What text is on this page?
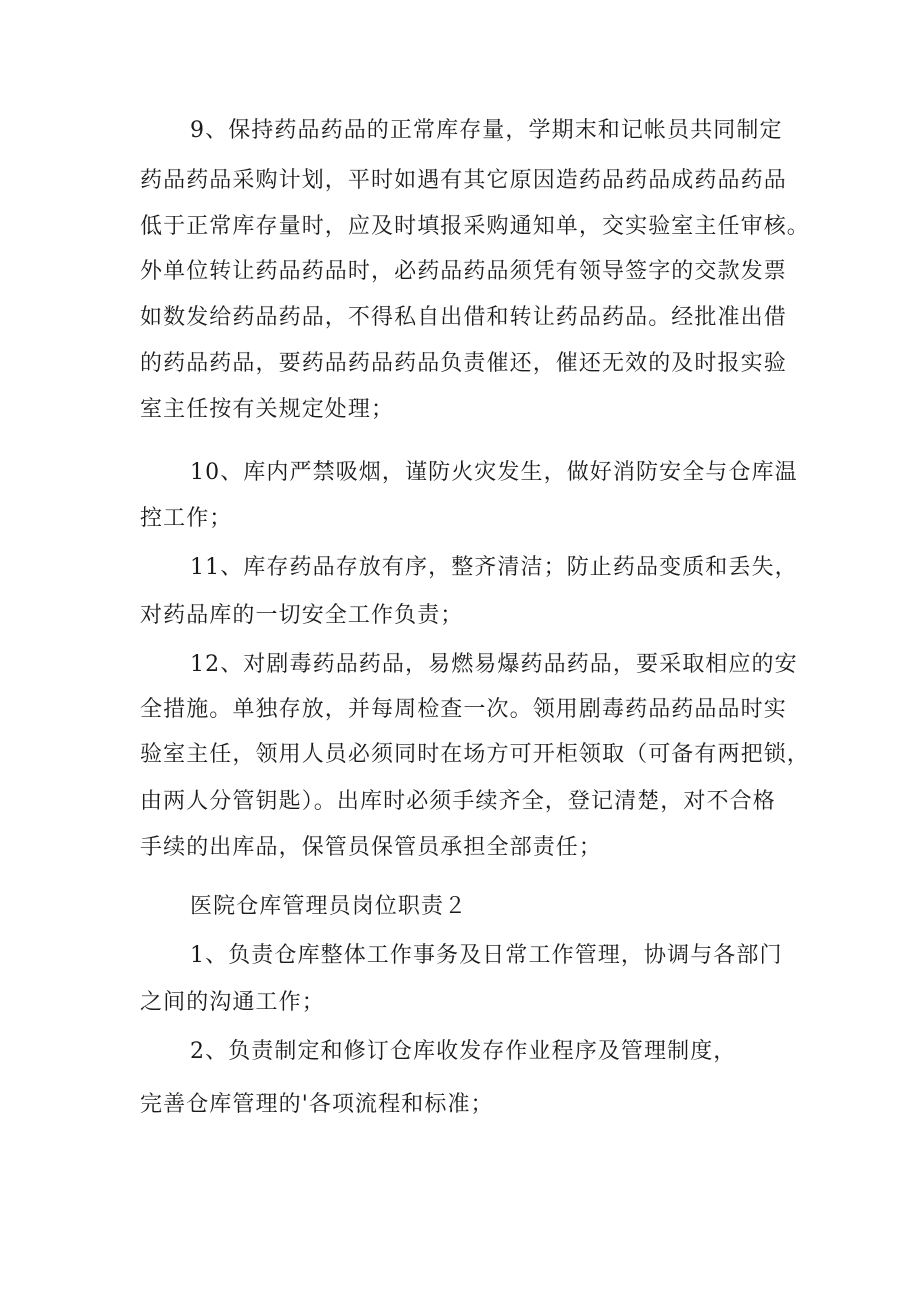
9、保持药品药品的正常库存量，学期末和记帐员共同制定
药品药品采购计划，平时如遇有其它原因造药品药品成药品药品
低于正常库存量时，应及时填报采购通知单，交实验室主任审核。
外单位转让药品药品时，必药品药品须凭有领导签字的交款发票
如数发给药品药品，不得私自出借和转让药品药品。经批准出借
的药品药品，要药品药品药品负责催还，催还无效的及时报实验
室主任按有关规定处理；
10、库内严禁吸烟，谨防火灾发生，做好消防安全与仓库温
控工作；
11、库存药品存放有序，整齐清洁；防止药品变质和丢失，
对药品库的一切安全工作负责；
12、对剧毒药品药品，易燃易爆药品药品，要采取相应的安
全措施。单独存放，并每周检查一次。领用剧毒药品药品品时实
验室主任，领用人员必须同时在场方可开柜领取（可备有两把锁，
由两人分管钥匙）。出库时必须手续齐全，登记清楚，对不合格
手续的出库品，保管员保管员承担全部责任；
医院仓库管理员岗位职责２
1、负责仓库整体工作事务及日常工作管理，协调与各部门
之间的沟通工作；
2、负责制定和修订仓库收发存作业程序及管理制度，
完善仓库管理的'各项流程和标准；
